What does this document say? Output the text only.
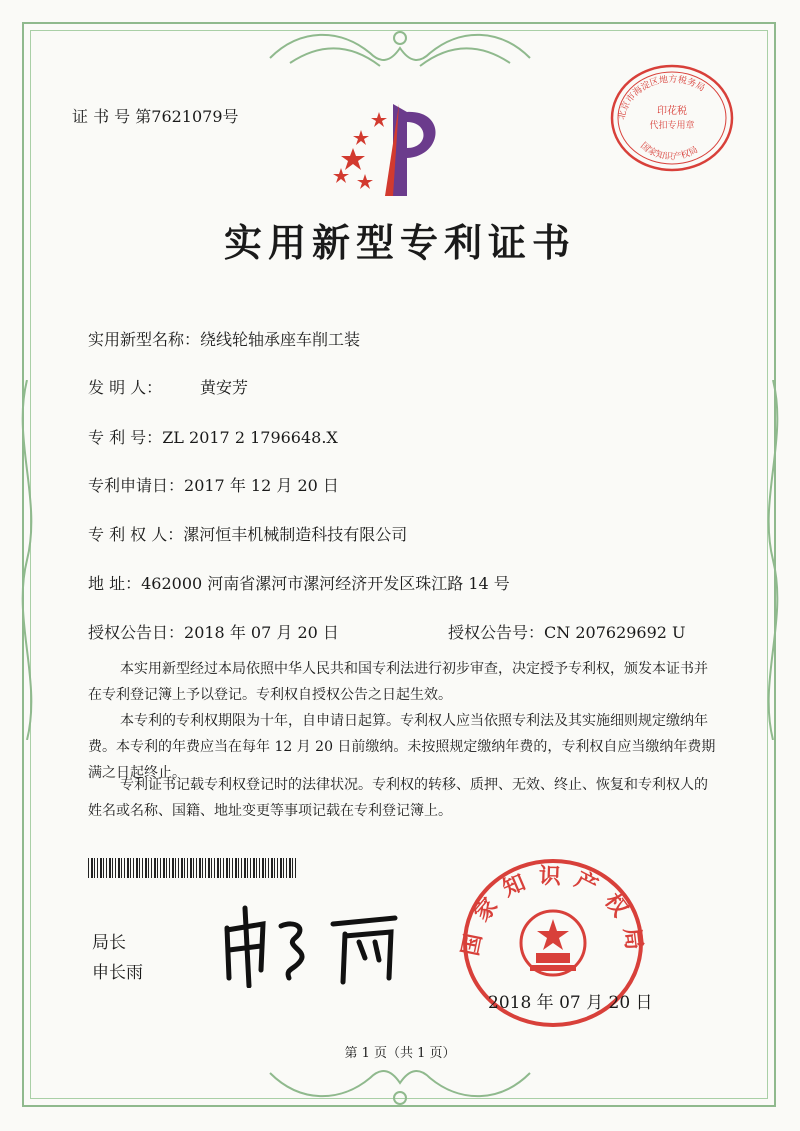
证 书 号 第7621079号	北京市海淀区地方税务局
印花税
代扣专用章
国家知识产权局
实用新型专利证书
实用新型名称：绕线轮轴承座车削工装
发 明 人： 黄安芳
专 利 号：ZL 2017 2 1796648.X
专利申请日：2017 年 12 月 20 日
专 利 权 人：漯河恒丰机械制造科技有限公司
地 址：462000 河南省漯河市漯河经济开发区珠江路 14 号
授权公告日：2018 年 07 月 20 日	授权公告号：CN 207629692 U
本实用新型经过本局依照中华人民共和国专利法进行初步审查，决定授予专利权，颁发本证书并在专利登记簿上予以登记。专利权自授权公告之日起生效。
本专利的专利权期限为十年，自申请日起算。专利权人应当依照专利法及其实施细则规定缴纳年费。本专利的年费应当在每年 12 月 20 日前缴纳。未按照规定缴纳年费的，专利权自应当缴纳年费期满之日起终止。
专利证书记载专利权登记时的法律状况。专利权的转移、质押、无效、终止、恢复和专利权人的姓名或名称、国籍、地址变更等事项记载在专利登记簿上。
局长
申长雨
国家知识产权局
2018 年 07 月 20 日
第 1 页（共 1 页）
